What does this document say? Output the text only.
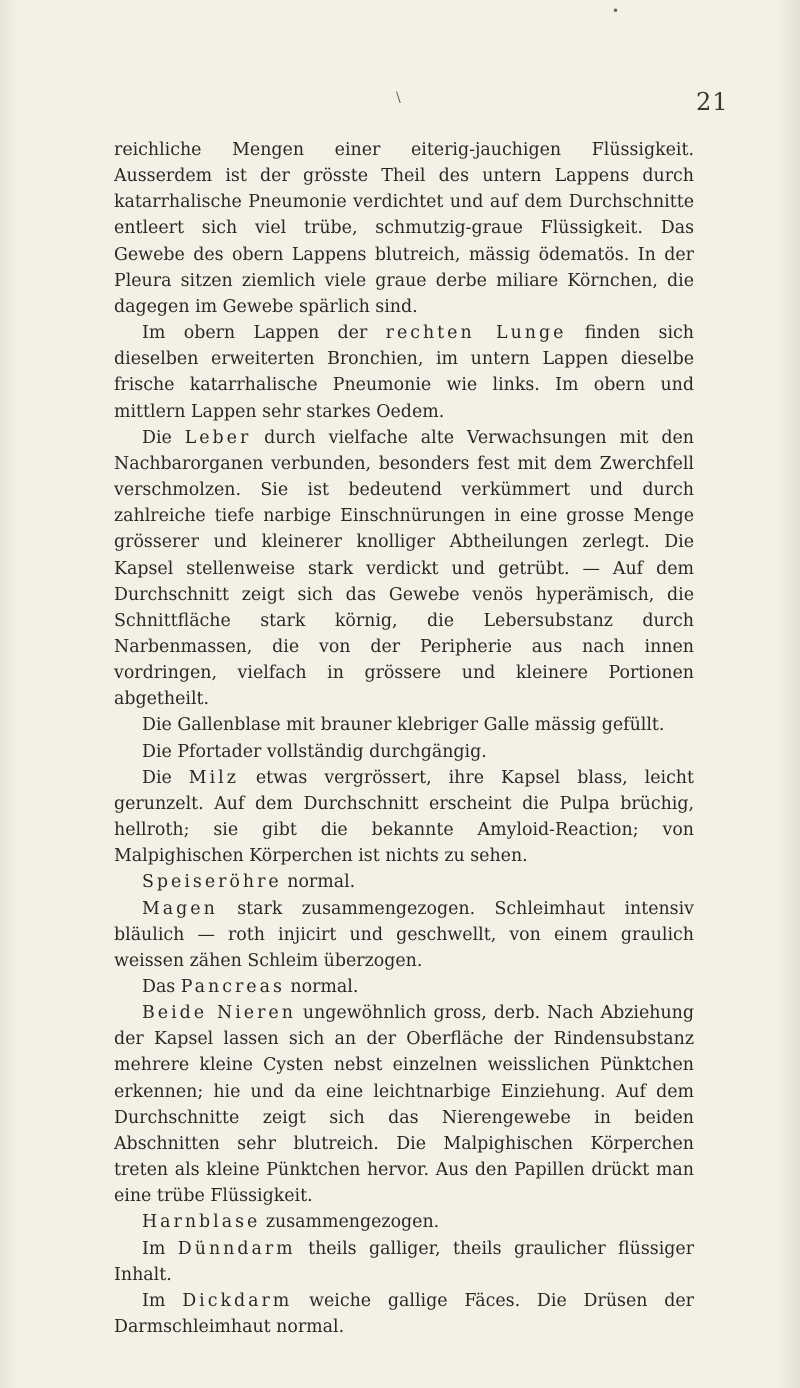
•
\	21

reichliche Mengen einer eiterig-jauchigen Flüssigkeit. Ausserdem ist der grösste Theil des untern Lappens durch katarrhalische Pneumonie verdichtet und auf dem Durchschnitte entleert sich viel trübe, schmutzig-graue Flüssigkeit. Das Gewebe des obern Lappens blutreich, mässig ödematös. In der Pleura sitzen ziemlich viele graue derbe miliare Körnchen, die dagegen im Gewebe spärlich sind.

Im obern Lappen der rechten Lunge finden sich dieselben erweiterten Bronchien, im untern Lappen dieselbe frische katarrhalische Pneumonie wie links. Im obern und mittlern Lappen sehr starkes Oedem.

Die Leber durch vielfache alte Verwachsungen mit den Nachbarorganen verbunden, besonders fest mit dem Zwerchfell verschmolzen. Sie ist bedeutend verkümmert und durch zahlreiche tiefe narbige Einschnürungen in eine grosse Menge grösserer und kleinerer knolliger Abtheilungen zerlegt. Die Kapsel stellenweise stark verdickt und getrübt. — Auf dem Durchschnitt zeigt sich das Gewebe venös hyperämisch, die Schnittfläche stark körnig, die Lebersubstanz durch Narbenmassen, die von der Peripherie aus nach innen vordringen, vielfach in grössere und kleinere Portionen abgetheilt.

Die Gallenblase mit brauner klebriger Galle mässig gefüllt.

Die Pfortader vollständig durchgängig.

Die Milz etwas vergrössert, ihre Kapsel blass, leicht gerunzelt. Auf dem Durchschnitt erscheint die Pulpa brüchig, hellroth; sie gibt die bekannte Amyloid-Reaction; von Malpighischen Körperchen ist nichts zu sehen.

Speiseröhre normal.

Magen stark zusammengezogen. Schleimhaut intensiv bläulich — roth injicirt und geschwellt, von einem graulich weissen zähen Schleim überzogen.

Das Pancreas normal.

Beide Nieren ungewöhnlich gross, derb. Nach Abziehung der Kapsel lassen sich an der Oberfläche der Rindensubstanz mehrere kleine Cysten nebst einzelnen weisslichen Pünktchen erkennen; hie und da eine leichtnarbige Einziehung. Auf dem Durchschnitte zeigt sich das Nierengewebe in beiden Abschnitten sehr blutreich. Die Malpighischen Körperchen treten als kleine Pünktchen hervor. Aus den Papillen drückt man eine trübe Flüssigkeit.

Harnblase zusammengezogen.

Im Dünndarm theils galliger, theils graulicher flüssiger Inhalt.

Im Dickdarm weiche gallige Fäces. Die Drüsen der Darmschleimhaut normal.
